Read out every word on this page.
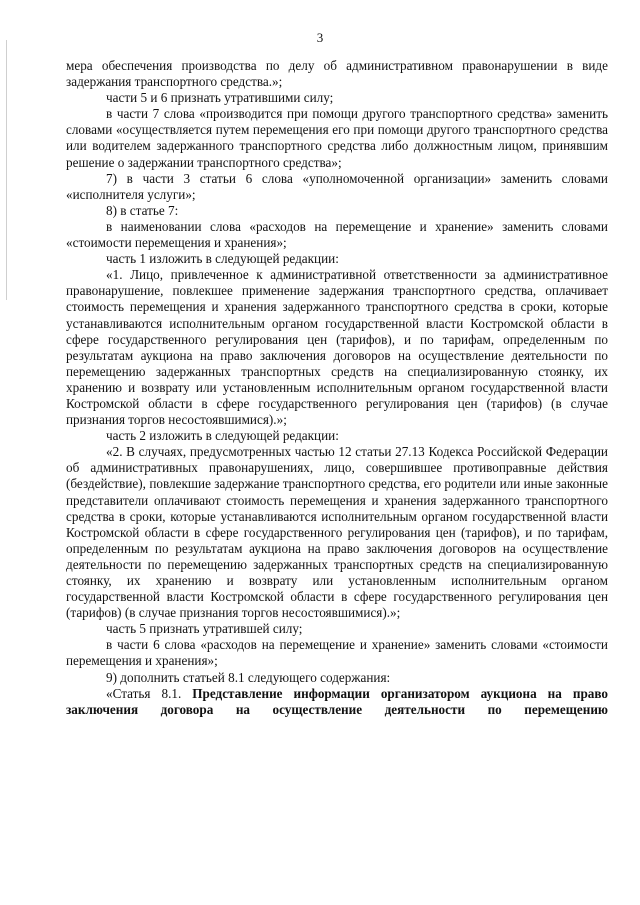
3

мера обеспечения производства по делу об административном правонарушении в виде задержания транспортного средства.»;

части 5 и 6 признать утратившими силу;

в части 7 слова «производится при помощи другого транспортного средства» заменить словами «осуществляется путем перемещения его при помощи другого транспортного средства или водителем задержанного транспортного средства либо должностным лицом, принявшим решение о задержании транспортного средства»;

7) в части 3 статьи 6 слова «уполномоченной организации» заменить словами «исполнителя услуги»;

8) в статье 7:

в наименовании слова «расходов на перемещение и хранение» заменить словами «стоимости перемещения и хранения»;

часть 1 изложить в следующей редакции:

«1. Лицо, привлеченное к административной ответственности за административное правонарушение, повлекшее применение задержания транспортного средства, оплачивает стоимость перемещения и хранения задержанного транспортного средства в сроки, которые устанавливаются исполнительным органом государственной власти Костромской области в сфере государственного регулирования цен (тарифов), и по тарифам, определенным по результатам аукциона на право заключения договоров на осуществление деятельности по перемещению задержанных транспортных средств на специализированную стоянку, их хранению и возврату или установленным исполнительным органом государственной власти Костромской области в сфере государственного регулирования цен (тарифов) (в случае признания торгов несостоявшимися).»;

часть 2 изложить в следующей редакции:

«2. В случаях, предусмотренных частью 12 статьи 27.13 Кодекса Российской Федерации об административных правонарушениях, лицо, совершившее противоправные действия (бездействие), повлекшие задержание транспортного средства, его родители или иные законные представители оплачивают стоимость перемещения и хранения задержанного транспортного средства в сроки, которые устанавливаются исполнительным органом государственной власти Костромской области в сфере государственного регулирования цен (тарифов), и по тарифам, определенным по результатам аукциона на право заключения договоров на осуществление деятельности по перемещению задержанных транспортных средств на специализированную стоянку, их хранению и возврату или установленным исполнительным органом государственной власти Костромской области в сфере государственного регулирования цен (тарифов) (в случае признания торгов несостоявшимися).»;

часть 5 признать утратившей силу;

в части 6 слова «расходов на перемещение и хранение» заменить словами «стоимости перемещения и хранения»;

9) дополнить статьей 8.1 следующего содержания:

«Статья 8.1. Представление информации организатором аукциона на право заключения договора на осуществление деятельности по перемещению
